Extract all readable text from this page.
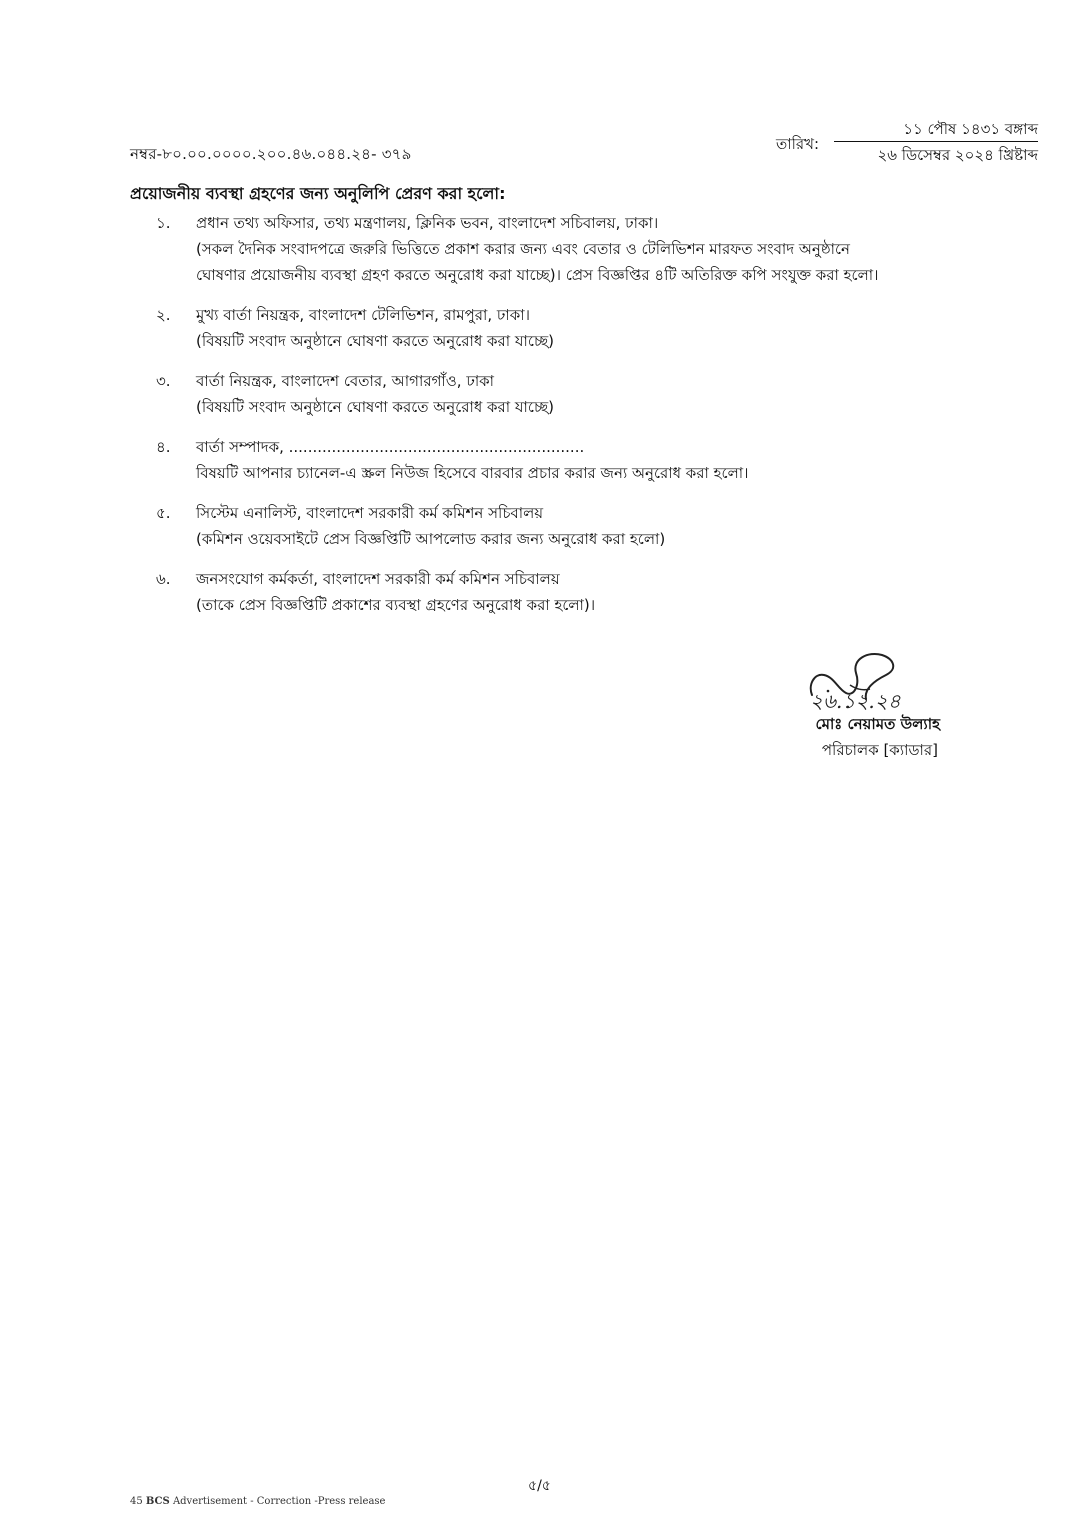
নম্বর-৮০.০০.০০০০.২০০.৪৬.০৪৪.২৪- ৩৭৯
তারিখ:
১১ পৌষ ১৪৩১ বঙ্গাব্দ
২৬ ডিসেম্বর ২০২৪ খ্রিষ্টাব্দ
প্রয়োজনীয় ব্যবস্থা গ্রহণের জন্য অনুলিপি প্রেরণ করা হলো:
১.	প্রধান তথ্য অফিসার, তথ্য মন্ত্রণালয়, ক্লিনিক ভবন, বাংলাদেশ সচিবালয়, ঢাকা।
(সকল দৈনিক সংবাদপত্রে জরুরি ভিত্তিতে প্রকাশ করার জন্য এবং বেতার ও টেলিভিশন মারফত সংবাদ অনুষ্ঠানে
ঘোষণার প্রয়োজনীয় ব্যবস্থা গ্রহণ করতে অনুরোধ করা যাচ্ছে)। প্রেস বিজ্ঞপ্তির ৪টি অতিরিক্ত কপি সংযুক্ত করা হলো।
২.	মুখ্য বার্তা নিয়ন্ত্রক, বাংলাদেশ টেলিভিশন, রামপুরা, ঢাকা।
(বিষয়টি সংবাদ অনুষ্ঠানে ঘোষণা করতে অনুরোধ করা যাচ্ছে)
৩.	বার্তা নিয়ন্ত্রক, বাংলাদেশ বেতার, আগারগাঁও, ঢাকা
(বিষয়টি সংবাদ অনুষ্ঠানে ঘোষণা করতে অনুরোধ করা যাচ্ছে)
৪.	বার্তা সম্পাদক, ..............................................................
বিষয়টি আপনার চ্যানেল-এ স্ক্রল নিউজ হিসেবে বারবার প্রচার করার জন্য অনুরোধ করা হলো।
৫.	সিস্টেম এনালিস্ট, বাংলাদেশ সরকারী কর্ম কমিশন সচিবালয়
(কমিশন ওয়েবসাইটে প্রেস বিজ্ঞপ্তিটি আপলোড করার জন্য অনুরোধ করা হলো)
৬.	জনসংযোগ কর্মকর্তা, বাংলাদেশ সরকারী কর্ম কমিশন সচিবালয়
(তাকে প্রেস বিজ্ঞপ্তিটি প্রকাশের ব্যবস্থা গ্রহণের অনুরোধ করা হলো)।
২৬.১২.২৪
মোঃ নেয়ামত উল্যাহ
পরিচালক [ক্যাডার]
৫/৫
45 BCS Advertisement - Correction -Press release
